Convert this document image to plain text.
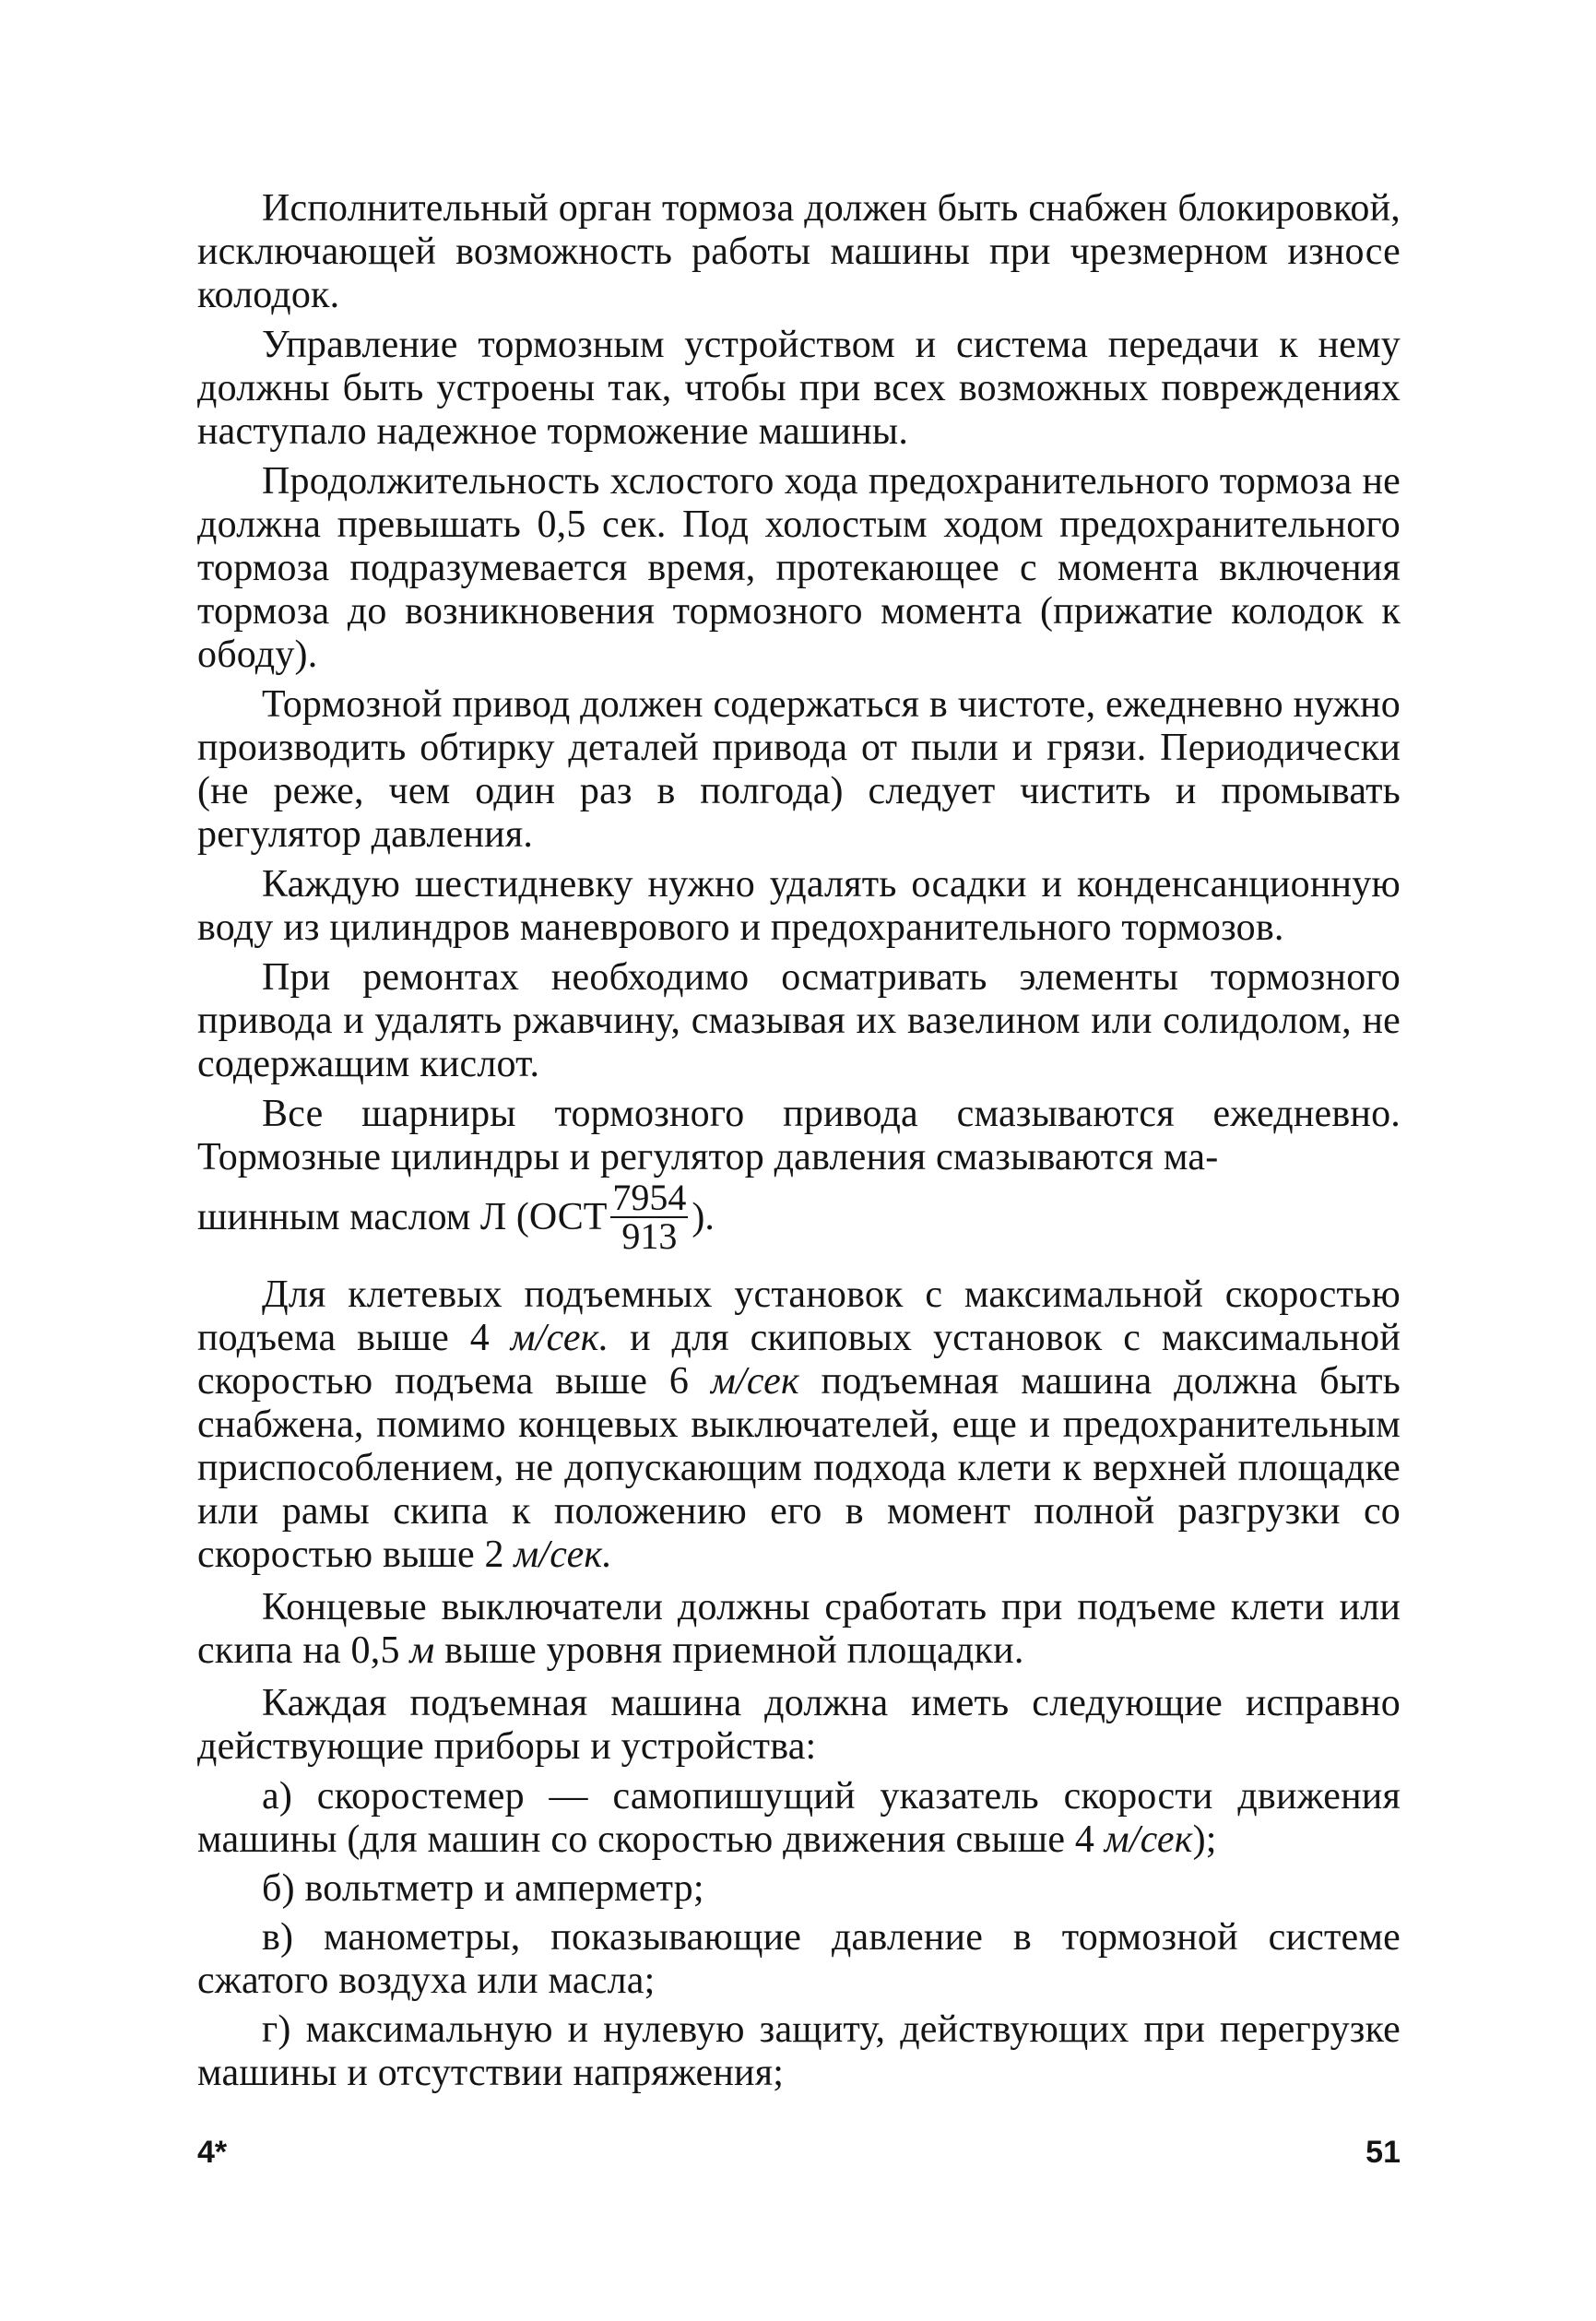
Исполнительный орган тормоза должен быть снабжен блокировкой, исключающей возможность работы машины при чрезмерном износе колодок.

Управление тормозным устройством и система передачи к нему должны быть устроены так, чтобы при всех возможных повреждениях наступало надежное торможение машины.

Продолжительность хслостого хода предохранительного тормоза не должна превышать 0,5 сек. Под холостым ходом предохранительного тормоза подразумевается время, протекающее с момента включения тормоза до возникновения тормозного момента (прижатие колодок к ободу).

Тормозной привод должен содержаться в чистоте, ежедневно нужно производить обтирку деталей привода от пыли и грязи. Периодически (не реже, чем один раз в полгода) следует чистить и промывать регулятор давления.

Каждую шестидневку нужно удалять осадки и конденсанционную воду из цилиндров маневрового и предохранительного тормозов.

При ремонтах необходимо осматривать элементы тормозного привода и удалять ржавчину, смазывая их вазелином или солидолом, не содержащим кислот.

Все шарниры тормозного привода смазываются ежедневно. Тормозные цилиндры и регулятор давления смазываются ма-

шинным маслом Л ($ОСТ \frac{7954}{913}$ ).

Для клетевых подъемных установок с максимальной скоростью подъема выше 4 м/сек. и для скиповых установок с максимальной скоростью подъема выше 6 м/сек подъемная машина должна быть снабжена, помимо концевых выключателей, еще и предохранительным приспособлением, не допускающим подхода клети к верхней площадке или рамы скипа к положению его в момент полной разгрузки со скоростью выше 2 м/сек.

Концевые выключатели должны сработать при подъеме клети или скипа на 0,5 м выше уровня приемной площадки.

Каждая подъемная машина должна иметь следующие исправно действующие приборы и устройства:

а) скоростемер — самопишущий указатель скорости движения машины (для машин со скоростью движения свыше 4 м/сек);

б) вольтметр и амперметр;

в) манометры, показывающие давление в тормозной системе сжатого воздуха или масла;

г) максимальную и нулевую защиту, действующих при перегрузке машины и отсутствии напряжения;

4*	51
